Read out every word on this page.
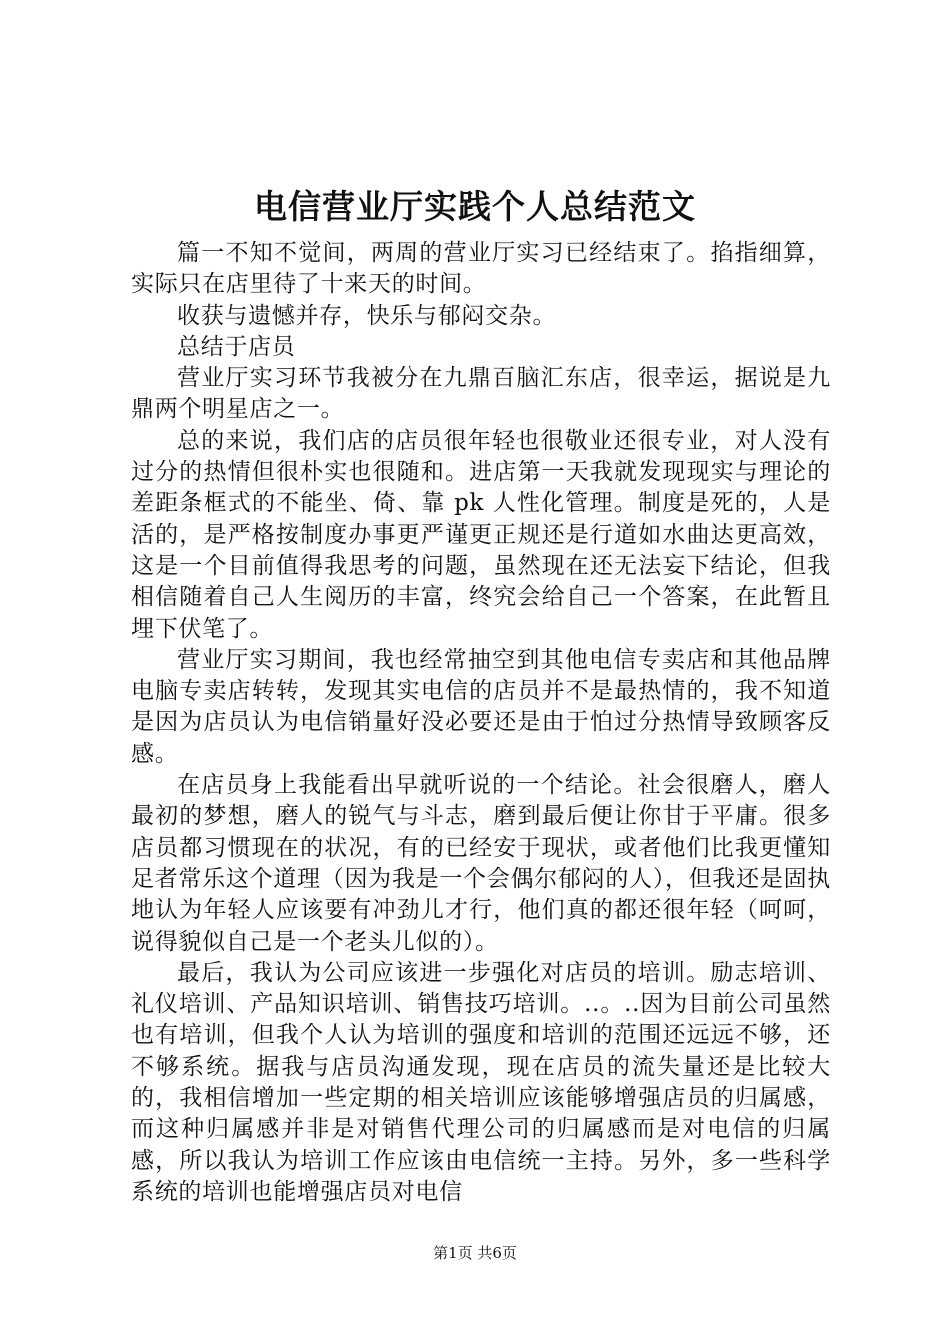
电信营业厅实践个人总结范文

篇一不知不觉间，两周的营业厅实习已经结束了。掐指细算，实际只在店里待了十来天的时间。

收获与遗憾并存，快乐与郁闷交杂。

总结于店员

营业厅实习环节我被分在九鼎百脑汇东店，很幸运，据说是九鼎两个明星店之一。

总的来说，我们店的店员很年轻也很敬业还很专业，对人没有过分的热情但很朴实也很随和。进店第一天我就发现现实与理论的差距条框式的不能坐、倚、靠 pk 人性化管理。制度是死的，人是活的，是严格按制度办事更严谨更正规还是行道如水曲达更高效，这是一个目前值得我思考的问题，虽然现在还无法妄下结论，但我相信随着自己人生阅历的丰富，终究会给自己一个答案，在此暂且埋下伏笔了。

营业厅实习期间，我也经常抽空到其他电信专卖店和其他品牌电脑专卖店转转，发现其实电信的店员并不是最热情的，我不知道是因为店员认为电信销量好没必要还是由于怕过分热情导致顾客反感。

在店员身上我能看出早就听说的一个结论。社会很磨人，磨人最初的梦想，磨人的锐气与斗志，磨到最后便让你甘于平庸。很多店员都习惯现在的状况，有的已经安于现状，或者他们比我更懂知足者常乐这个道理（因为我是一个会偶尔郁闷的人），但我还是固执地认为年轻人应该要有冲劲儿才行，他们真的都还很年轻（呵呵，说得貌似自己是一个老头儿似的）。

最后，我认为公司应该进一步强化对店员的培训。励志培训、礼仪培训、产品知识培训、销售技巧培训。..。..因为目前公司虽然也有培训，但我个人认为培训的强度和培训的范围还远远不够，还不够系统。据我与店员沟通发现，现在店员的流失量还是比较大的，我相信增加一些定期的相关培训应该能够增强店员的归属感，而这种归属感并非是对销售代理公司的归属感而是对电信的归属感，所以我认为培训工作应该由电信统一主持。另外，多一些科学系统的培训也能增强店员对电信

第1页 共6页
